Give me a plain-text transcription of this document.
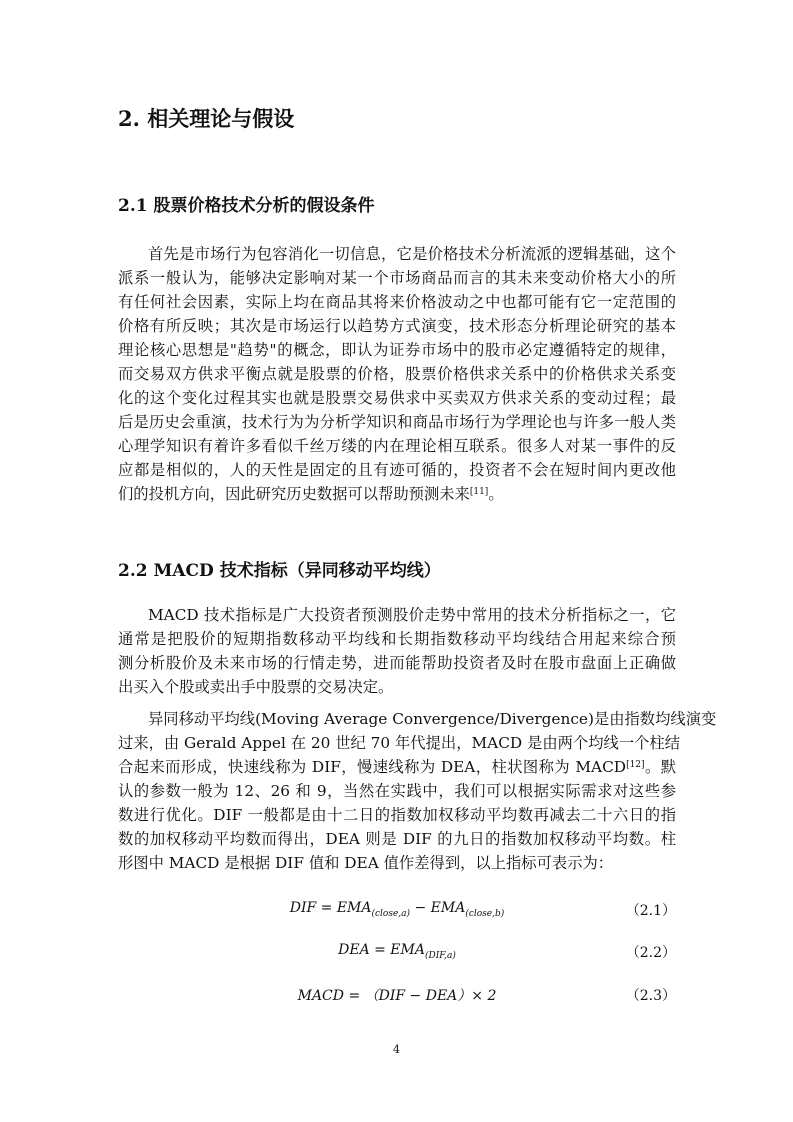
2. 相关理论与假设
2.1 股票价格技术分析的假设条件
首先是市场行为包容消化一切信息，它是价格技术分析流派的逻辑基础，这个
派系一般认为，能够决定影响对某一个市场商品而言的其未来变动价格大小的所
有任何社会因素，实际上均在商品其将来价格波动之中也都可能有它一定范围的
价格有所反映；其次是市场运行以趋势方式演变，技术形态分析理论研究的基本
理论核心思想是"趋势"的概念，即认为证券市场中的股市必定遵循特定的规律，
而交易双方供求平衡点就是股票的价格，股票价格供求关系中的价格供求关系变
化的这个变化过程其实也就是股票交易供求中买卖双方供求关系的变动过程；最
后是历史会重演，技术行为为分析学知识和商品市场行为学理论也与许多一般人类
心理学知识有着许多看似千丝万缕的内在理论相互联系。很多人对某一事件的反
应都是相似的，人的天性是固定的且有迹可循的，投资者不会在短时间内更改他
们的投机方向，因此研究历史数据可以帮助预测未来[11]。
2.2 MACD 技术指标（异同移动平均线）
MACD 技术指标是广大投资者预测股价走势中常用的技术分析指标之一，它
通常是把股价的短期指数移动平均线和长期指数移动平均线结合用起来综合预
测分析股价及未来市场的行情走势，进而能帮助投资者及时在股市盘面上正确做
出买入个股或卖出手中股票的交易决定。
异同移动平均线(Moving Average Convergence/Divergence)是由指数均线演变
过来，由 Gerald Appel 在 20 世纪 70 年代提出，MACD 是由两个均线一个柱结
合起来而形成，快速线称为 DIF，慢速线称为 DEA，柱状图称为 MACD[12]。默
认的参数一般为 12、26 和 9，当然在实践中，我们可以根据实际需求对这些参
数进行优化。DIF 一般都是由十二日的指数加权移动平均数再减去二十六日的指
数的加权移动平均数而得出，DEA 则是 DIF 的九日的指数加权移动平均数。柱
形图中 MACD 是根据 DIF 值和 DEA 值作差得到，以上指标可表示为：
DIF = $EMA_{(close,a)} - EMA_{(close,b)}$	（2.1）
DEA = $EMA_{(DIF,a)}$	（2.2）
MACD = （DIF − DEA）× 2	（2.3）
4
